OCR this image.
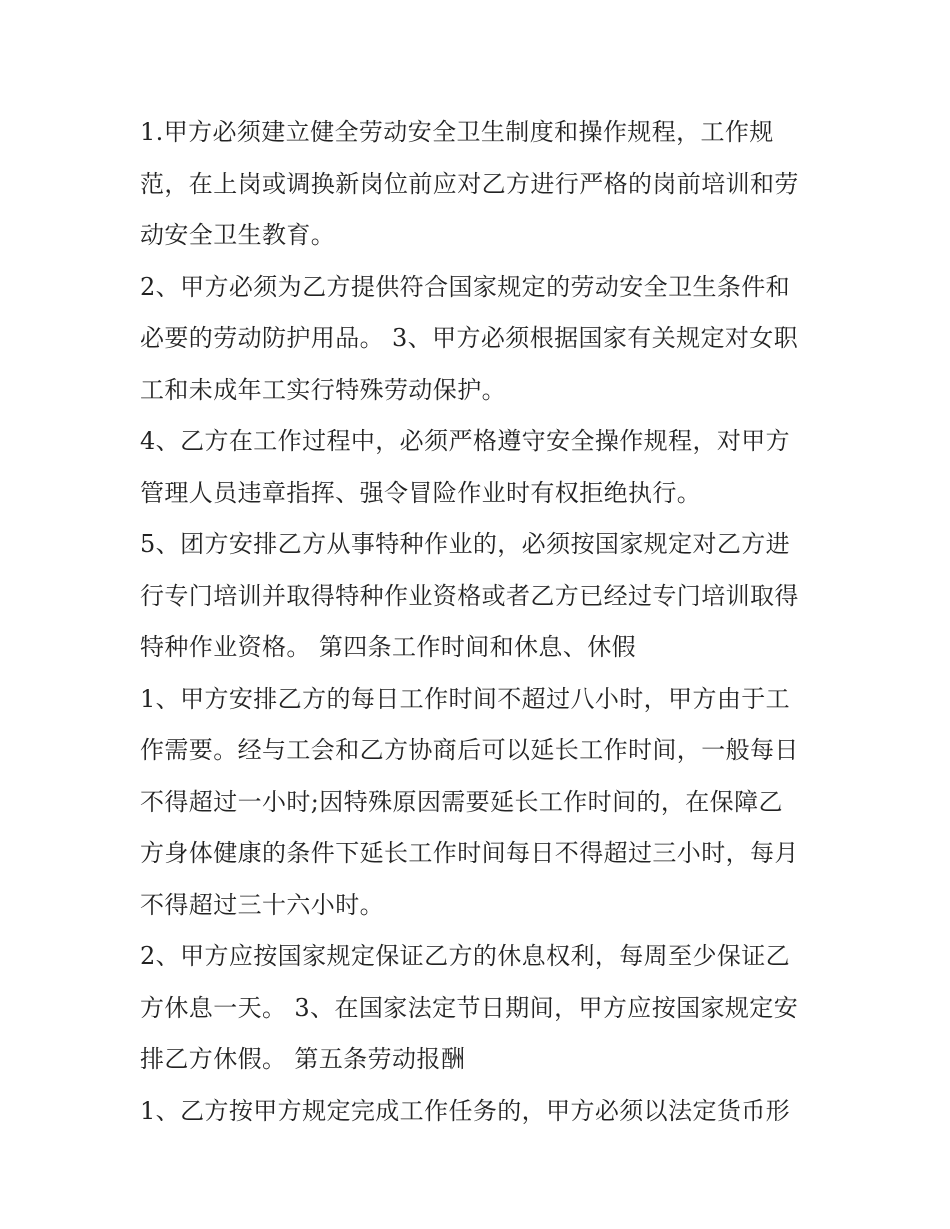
1.甲方必须建立健全劳动安全卫生制度和操作规程，工作规
范，在上岗或调换新岗位前应对乙方进行严格的岗前培训和劳
动安全卫生教育。
2、甲方必须为乙方提供符合国家规定的劳动安全卫生条件和
必要的劳动防护用品。 3、甲方必须根据国家有关规定对女职
工和未成年工实行特殊劳动保护。
4、乙方在工作过程中，必须严格遵守安全操作规程，对甲方
管理人员违章指挥、强令冒险作业时有权拒绝执行。
5、团方安排乙方从事特种作业的，必须按国家规定对乙方进
行专门培训并取得特种作业资格或者乙方已经过专门培训取得
特种作业资格。 第四条工作时间和休息、休假
1、甲方安排乙方的每日工作时间不超过八小时，甲方由于工
作需要。经与工会和乙方协商后可以延长工作时间，一般每日
不得超过一小时;因特殊原因需要延长工作时间的，在保障乙
方身体健康的条件下延长工作时间每日不得超过三小时，每月
不得超过三十六小时。
2、甲方应按国家规定保证乙方的休息权利，每周至少保证乙
方休息一天。 3、在国家法定节日期间，甲方应按国家规定安
排乙方休假。 第五条劳动报酬
1、乙方按甲方规定完成工作任务的，甲方必须以法定货币形
